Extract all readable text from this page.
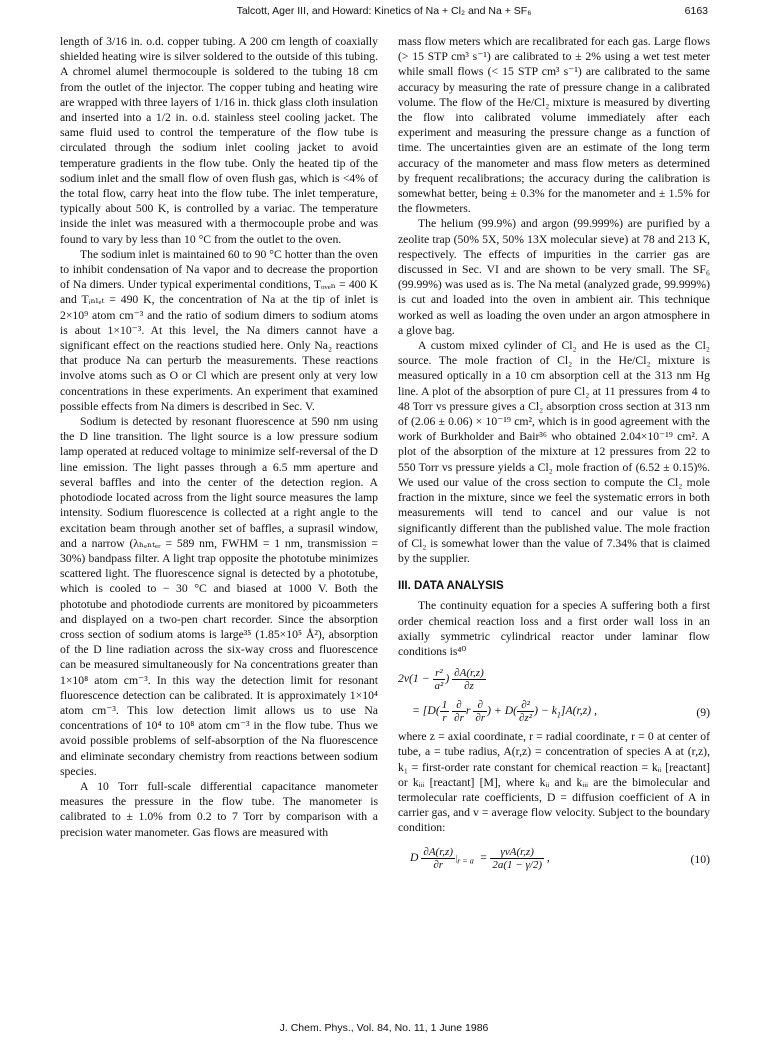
Talcott, Ager III, and Howard: Kinetics of Na + Cl₂ and Na + SF₆	6163

length of 3/16 in. o.d. copper tubing. A 200 cm length of coaxially shielded heating wire is silver soldered to the outside of this tubing. A chromel alumel thermocouple is soldered to the tubing 18 cm from the outlet of the injector. The copper tubing and heating wire are wrapped with three layers of 1/16 in. thick glass cloth insulation and inserted into a 1/2 in. o.d. stainless steel cooling jacket. The same fluid used to control the temperature of the flow tube is circulated through the sodium inlet cooling jacket to avoid temperature gradients in the flow tube. Only the heated tip of the sodium inlet and the small flow of oven flush gas, which is <4% of the total flow, carry heat into the flow tube. The inlet temperature, typically about 500 K, is controlled by a variac. The temperature inside the inlet was measured with a thermocouple probe and was found to vary by less than 10 °C from the outlet to the oven.

The sodium inlet is maintained 60 to 90 °C hotter than the oven to inhibit condensation of Na vapor and to decrease the proportion of Na dimers. Under typical experimental conditions, Tₒᵥₑₙ = 400 K and Tᵢₙₗₑₜ = 490 K, the concentration of Na at the tip of inlet is 2×10⁹ atom cm⁻³ and the ratio of sodium dimers to sodium atoms is about 1×10⁻³. At this level, the Na dimers cannot have a significant effect on the reactions studied here. Only Na₂ reactions that produce Na can perturb the measurements. These reactions involve atoms such as O or Cl which are present only at very low concentrations in these experiments. An experiment that examined possible effects from Na dimers is described in Sec. V.

Sodium is detected by resonant fluorescence at 590 nm using the D line transition. The light source is a low pressure sodium lamp operated at reduced voltage to minimize self-reversal of the D line emission. The light passes through a 6.5 mm aperture and several baffles and into the center of the detection region. A photodiode located across from the light source measures the lamp intensity. Sodium fluorescence is collected at a right angle to the excitation beam through another set of baffles, a suprasil window, and a narrow (λₕₑₙₜₑᵣ = 589 nm, FWHM = 1 nm, transmission = 30%) bandpass filter. A light trap opposite the phototube minimizes scattered light. The fluorescence signal is detected by a phototube, which is cooled to − 30 °C and biased at 1000 V. Both the phototube and photodiode currents are monitored by picoammeters and displayed on a two-pen chart recorder. Since the absorption cross section of sodium atoms is large³⁵ (1.85×10⁵ Å²), absorption of the D line radiation across the six-way cross and fluorescence can be measured simultaneously for Na concentrations greater than 1×10⁸ atom cm⁻³. In this way the detection limit for resonant fluorescence detection can be calibrated. It is approximately 1×10⁴ atom cm⁻³. This low detection limit allows us to use Na concentrations of 10⁴ to 10⁸ atom cm⁻³ in the flow tube. Thus we avoid possible problems of self-absorption of the Na fluorescence and eliminate secondary chemistry from reactions between sodium species.

A 10 Torr full-scale differential capacitance manometer measures the pressure in the flow tube. The manometer is calibrated to ± 1.0% from 0.2 to 7 Torr by comparison with a precision water manometer. Gas flows are measured with

mass flow meters which are recalibrated for each gas. Large flows (> 15 STP cm³ s⁻¹) are calibrated to ± 2% using a wet test meter while small flows (< 15 STP cm³ s⁻¹) are calibrated to the same accuracy by measuring the rate of pressure change in a calibrated volume. The flow of the He/Cl₂ mixture is measured by diverting the flow into calibrated volume immediately after each experiment and measuring the pressure change as a function of time. The uncertainties given are an estimate of the long term accuracy of the manometer and mass flow meters as determined by frequent recalibrations; the accuracy during the calibration is somewhat better, being ± 0.3% for the manometer and ± 1.5% for the flowmeters.

The helium (99.9%) and argon (99.999%) are purified by a zeolite trap (50% 5X, 50% 13X molecular sieve) at 78 and 213 K, respectively. The effects of impurities in the carrier gas are discussed in Sec. VI and are shown to be very small. The SF₆ (99.99%) was used as is. The Na metal (analyzed grade, 99.999%) is cut and loaded into the oven in ambient air. This technique worked as well as loading the oven under an argon atmosphere in a glove bag.

A custom mixed cylinder of Cl₂ and He is used as the Cl₂ source. The mole fraction of Cl₂ in the He/Cl₂ mixture is measured optically in a 10 cm absorption cell at the 313 nm Hg line. A plot of the absorption of pure Cl₂ at 11 pressures from 4 to 48 Torr vs pressure gives a Cl₂ absorption cross section at 313 nm of (2.06 ± 0.06) × 10⁻¹⁹ cm², which is in good agreement with the work of Burkholder and Bair³⁶ who obtained 2.04×10⁻¹⁹ cm². A plot of the absorption of the mixture at 12 pressures from 22 to 550 Torr vs pressure yields a Cl₂ mole fraction of (6.52 ± 0.15)%. We used our value of the cross section to compute the Cl₂ mole fraction in the mixture, since we feel the systematic errors in both measurements will tend to cancel and our value is not significantly different than the published value. The mole fraction of Cl₂ is somewhat lower than the value of 7.34% that is claimed by the supplier.

III. DATA ANALYSIS

The continuity equation for a species A suffering both a first order chemical reaction loss and a first order wall loss in an axially symmetric cylindrical reactor under laminar flow conditions is⁴⁰

$2v(1 - \frac{\text{r²}}{\text{a²}}$ ) $\frac{\partial A(r,z)}{\partial z}$
= [$D( \frac{1}{r}$
$\frac{\partial}{\partial r}$ r $\frac{\partial}{\partial r}$ ) + $D( \frac{\text{∂²}}{\text{∂z²}}$ ) − $k_1]A(r,z)$ ,	(9)

where z = axial coordinate, r = radial coordinate, r = 0 at center of tube, a = tube radius, A(r,z) = concentration of species A at (r,z), k₁ = first-order rate constant for chemical reaction = kᵢᵢ [reactant] or kᵢᵢᵢ [reactant] [M], where kᵢᵢ and kᵢᵢᵢ are the bimolecular and termolecular rate coefficients, D = diffusion coefficient of A in carrier gas, and v = average flow velocity. Subject to the boundary condition:

D $\frac{\partial A(r,z)}{\partial r} |_{r = a} = \frac{\text{γvA(r,z)}}{2a(1 - \gamma/2)}$ ,	(10)
J. Chem. Phys., Vol. 84, No. 11, 1 June 1986
